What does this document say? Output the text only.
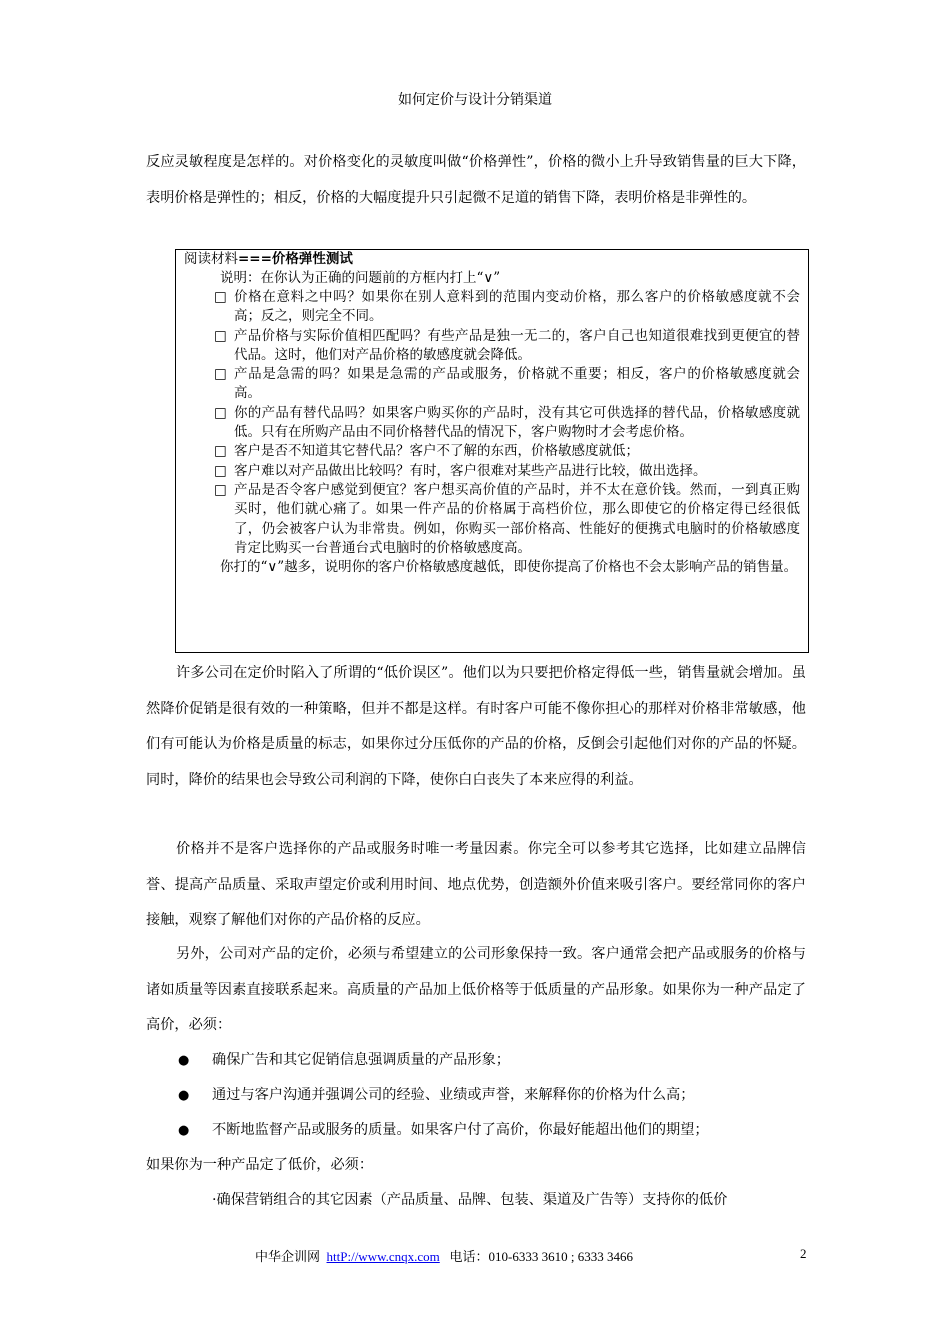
如何定价与设计分销渠道

反应灵敏程度是怎样的。对价格变化的灵敏度叫做“价格弹性”，价格的微小上升导致销售量的巨大下降，表明价格是弹性的；相反，价格的大幅度提升只引起微不足道的销售下降，表明价格是非弹性的。

阅读材料===价格弹性测试

说明：在你认为正确的问题前的方框内打上“∨”

□ 价格在意料之中吗？如果你在别人意料到的范围内变动价格，那么客户的价格敏感度就不会高；反之，则完全不同。
□ 产品价格与实际价值相匹配吗？有些产品是独一无二的，客户自己也知道很难找到更便宜的替代品。这时，他们对产品价格的敏感度就会降低。
□ 产品是急需的吗？如果是急需的产品或服务，价格就不重要；相反，客户的价格敏感度就会高。
□ 你的产品有替代品吗？如果客户购买你的产品时，没有其它可供选择的替代品，价格敏感度就低。只有在所购产品由不同价格替代品的情况下，客户购物时才会考虑价格。
□ 客户是否不知道其它替代品？客户不了解的东西，价格敏感度就低；
□ 客户难以对产品做出比较吗？有时，客户很难对某些产品进行比较，做出选择。
□ 产品是否令客户感觉到便宜？客户想买高价值的产品时，并不太在意价钱。然而，一到真正购买时，他们就心痛了。如果一件产品的价格属于高档价位，那么即使它的价格定得已经很低了，仍会被客户认为非常贵。例如，你购买一部价格高、性能好的便携式电脑时的价格敏感度肯定比购买一台普通台式电脑时的价格敏感度高。

你打的“∨”越多，说明你的客户价格敏感度越低，即使你提高了价格也不会太影响产品的销售量。

许多公司在定价时陷入了所谓的“低价误区”。他们以为只要把价格定得低一些，销售量就会增加。虽然降价促销是很有效的一种策略，但并不都是这样。有时客户可能不像你担心的那样对价格非常敏感，他们有可能认为价格是质量的标志，如果你过分压低你的产品的价格，反倒会引起他们对你的产品的怀疑。同时，降价的结果也会导致公司利润的下降，使你白白丧失了本来应得的利益。

价格并不是客户选择你的产品或服务时唯一考量因素。你完全可以参考其它选择，比如建立品牌信誉、提高产品质量、采取声望定价或利用时间、地点优势，创造额外价值来吸引客户。要经常同你的客户接触，观察了解他们对你的产品价格的反应。

另外，公司对产品的定价，必须与希望建立的公司形象保持一致。客户通常会把产品或服务的价格与诸如质量等因素直接联系起来。高质量的产品加上低价格等于低质量的产品形象。如果你为一种产品定了高价，必须：

●	确保广告和其它促销信息强调质量的产品形象；
●	通过与客户沟通并强调公司的经验、业绩或声誉，来解释你的价格为什么高；
●	不断地监督产品或服务的质量。如果客户付了高价，你最好能超出他们的期望；

如果你为一种产品定了低价，必须：

·确保营销组合的其它因素（产品质量、品牌、包装、渠道及广告等）支持你的低价

中华企训网 httP://www.cnqx.com 电话：010-6333 3610 ; 6333 3466	2
